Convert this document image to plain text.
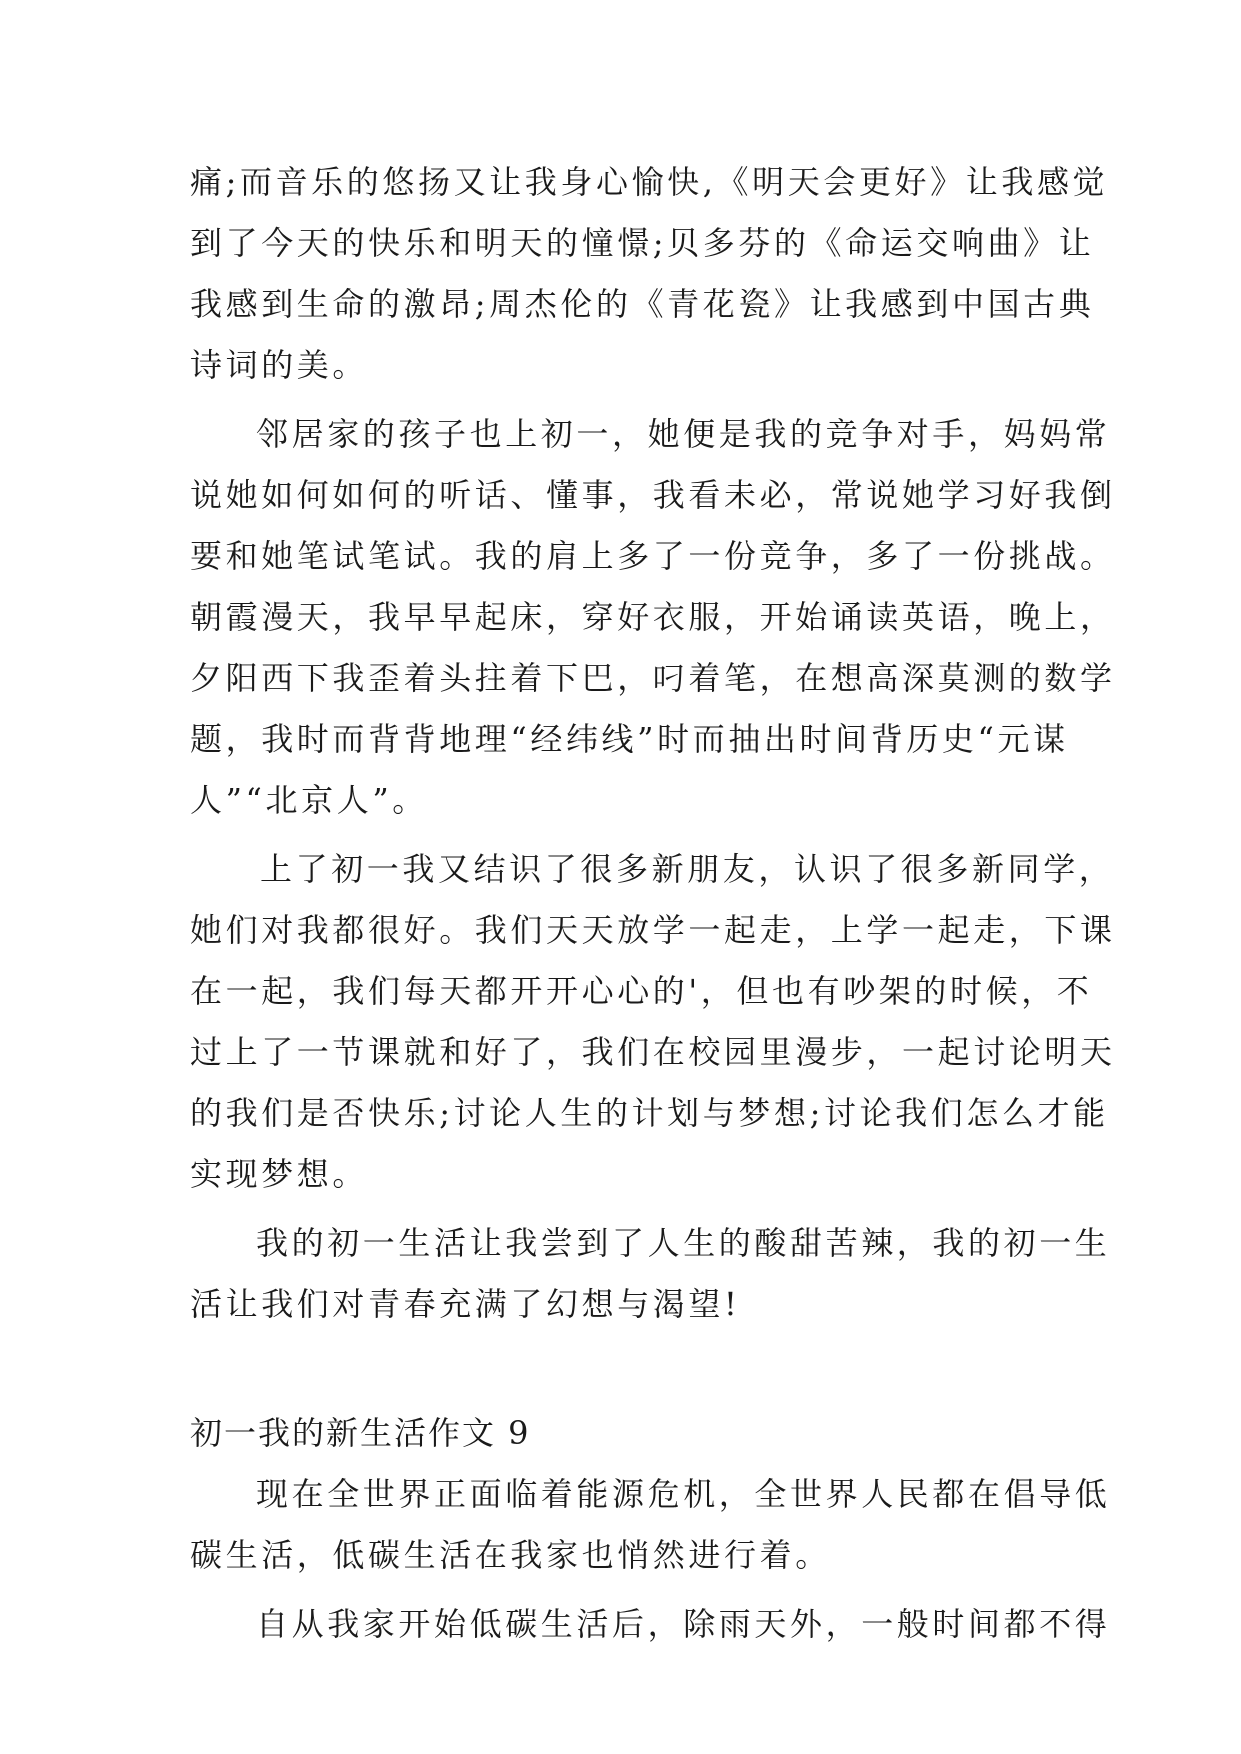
痛;而音乐的悠扬又让我身心愉快,《明天会更好》让我感觉
到了今天的快乐和明天的憧憬;贝多芬的《命运交响曲》让
我感到生命的激昂;周杰伦的《青花瓷》让我感到中国古典
诗词的美。
邻居家的孩子也上初一，她便是我的竞争对手，妈妈常
说她如何如何的听话、懂事，我看未必，常说她学习好我倒
要和她笔试笔试。我的肩上多了一份竞争，多了一份挑战。
朝霞漫天，我早早起床，穿好衣服，开始诵读英语，晚上，
夕阳西下我歪着头拄着下巴，叼着笔，在想高深莫测的数学
题，我时而背背地理“经纬线”时而抽出时间背历史“元谋
人”“北京人”。
上了初一我又结识了很多新朋友，认识了很多新同学，
她们对我都很好。我们天天放学一起走，上学一起走，下课
在一起，我们每天都开开心心的'，但也有吵架的时候，不
过上了一节课就和好了，我们在校园里漫步，一起讨论明天
的我们是否快乐;讨论人生的计划与梦想;讨论我们怎么才能
实现梦想。
我的初一生活让我尝到了人生的酸甜苦辣，我的初一生
活让我们对青春充满了幻想与渴望!
初一我的新生活作文 9
现在全世界正面临着能源危机，全世界人民都在倡导低
碳生活，低碳生活在我家也悄然进行着。
自从我家开始低碳生活后，除雨天外，一般时间都不得
